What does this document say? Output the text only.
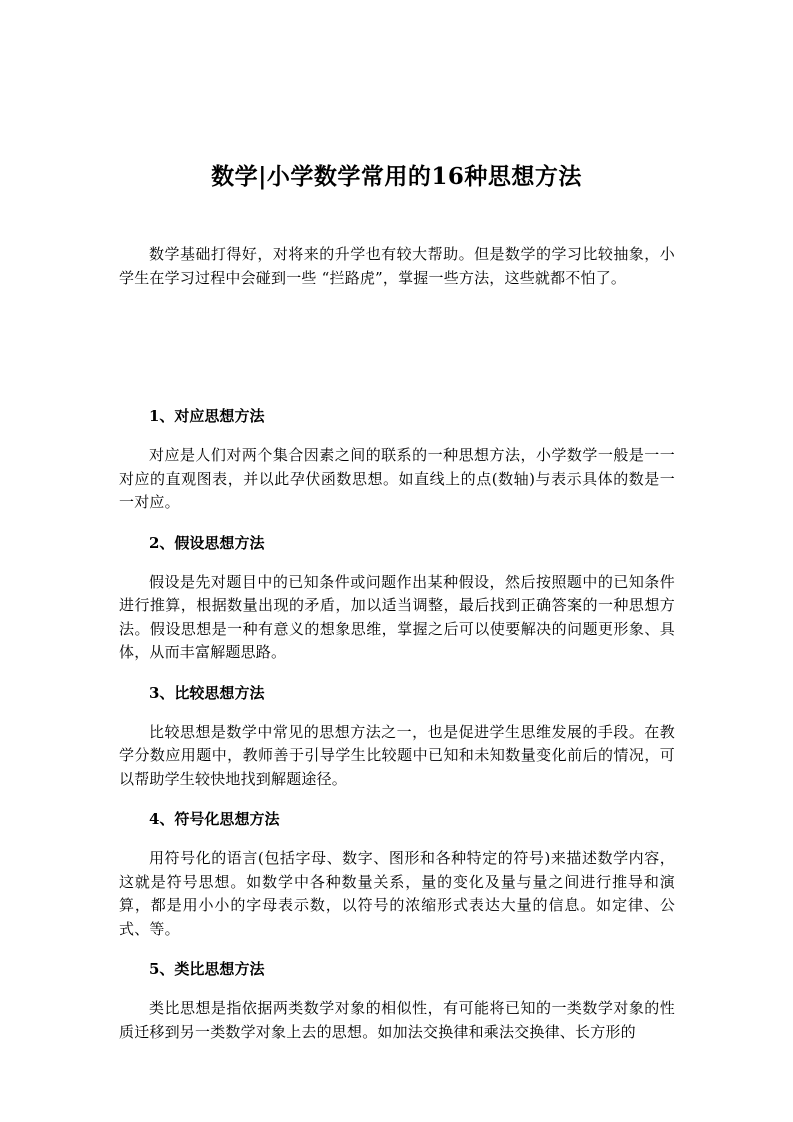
数学|小学数学常用的16种思想方法

数学基础打得好，对将来的升学也有较大帮助。但是数学的学习比较抽象，小学生在学习过程中会碰到一些 “拦路虎”，掌握一些方法，这些就都不怕了。

1、对应思想方法

对应是人们对两个集合因素之间的联系的一种思想方法，小学数学一般是一一对应的直观图表，并以此孕伏函数思想。如直线上的点(数轴)与表示具体的数是一一对应。

2、假设思想方法

假设是先对题目中的已知条件或问题作出某种假设，然后按照题中的已知条件进行推算，根据数量出现的矛盾，加以适当调整，最后找到正确答案的一种思想方法。假设思想是一种有意义的想象思维，掌握之后可以使要解决的问题更形象、具体，从而丰富解题思路。

3、比较思想方法

比较思想是数学中常见的思想方法之一，也是促进学生思维发展的手段。在教学分数应用题中，教师善于引导学生比较题中已知和未知数量变化前后的情况，可以帮助学生较快地找到解题途径。

4、符号化思想方法

用符号化的语言(包括字母、数字、图形和各种特定的符号)来描述数学内容，这就是符号思想。如数学中各种数量关系，量的变化及量与量之间进行推导和演算，都是用小小的字母表示数，以符号的浓缩形式表达大量的信息。如定律、公式、等。

5、类比思想方法

类比思想是指依据两类数学对象的相似性，有可能将已知的一类数学对象的性质迁移到另一类数学对象上去的思想。如加法交换律和乘法交换律、长方形的
